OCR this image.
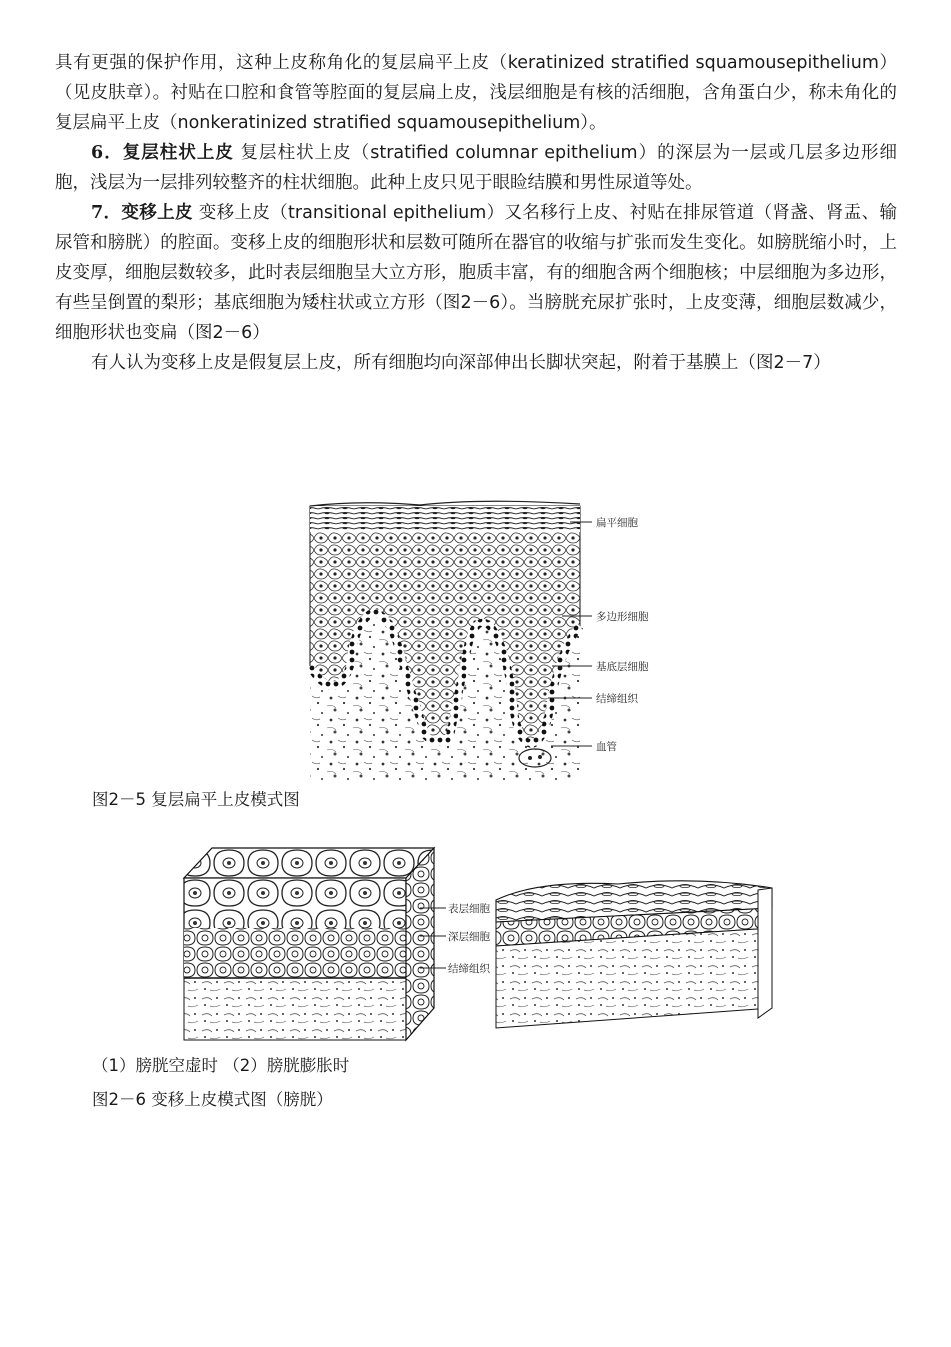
具有更强的保护作用，这种上皮称角化的复层扁平上皮（keratinized stratified squamousepithelium）（见皮肤章）。衬贴在口腔和食管等腔面的复层扁上皮，浅层细胞是有核的活细胞，含角蛋白少，称未角化的复层扁平上皮（nonkeratinized stratified squamousepithelium）。

6．复层柱状上皮 复层柱状上皮（stratified columnar epithelium）的深层为一层或几层多边形细胞，浅层为一层排列较整齐的柱状细胞。此种上皮只见于眼睑结膜和男性尿道等处。

7．变移上皮 变移上皮（transitional epithelium）又名移行上皮、衬贴在排尿管道（肾盏、肾盂、输尿管和膀胱）的腔面。变移上皮的细胞形状和层数可随所在器官的收缩与扩张而发生变化。如膀胱缩小时，上皮变厚，细胞层数较多，此时表层细胞呈大立方形，胞质丰富，有的细胞含两个细胞核；中层细胞为多边形，有些呈倒置的梨形；基底细胞为矮柱状或立方形（图2－6）。当膀胱充尿扩张时，上皮变薄，细胞层数减少，细胞形状也变扁（图2－6）

有人认为变移上皮是假复层上皮，所有细胞均向深部伸出长脚状突起，附着于基膜上（图2－7）

扁平细胞
多边形细胞
基底层细胞
结缔组织
血管
图2－5 复层扁平上皮模式图
表层细胞
深层细胞
结缔组织
（1）膀胱空虚时 （2）膀胱膨胀时
图2－6 变移上皮模式图（膀胱）
